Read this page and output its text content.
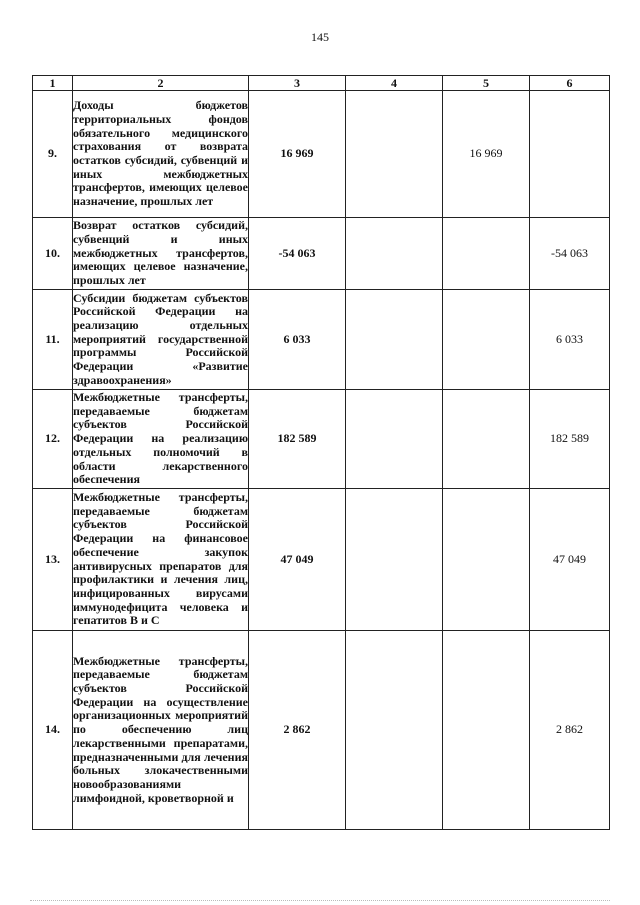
145
1	2	3	4	5	6
9.	Доходы бюджетов территориальных фондов обязательного медицинского страхования от возврата остатков субсидий, субвенций и иных межбюджетных трансфертов, имеющих целевое назначение, прошлых лет	16 969		16 969	
10.	Возврат остатков субсидий, субвенций и иных межбюджетных трансфертов, имеющих целевое назначение, прошлых лет	-54 063			-54 063
11.	Субсидии бюджетам субъектов Российской Федерации на реализацию отдельных мероприятий государственной программы Российской Федерации «Развитие здравоохранения»	6 033			6 033
12.	Межбюджетные трансферты, передаваемые бюджетам субъектов Российской Федерации на реализацию отдельных полномочий в области лекарственного обеспечения	182 589			182 589
13.	Межбюджетные трансферты, передаваемые бюджетам субъектов Российской Федерации на финансовое обеспечение закупок антивирусных препаратов для профилактики и лечения лиц, инфицированных вирусами иммунодефицита человека и гепатитов В и С	47 049			47 049
14.	Межбюджетные трансферты, передаваемые бюджетам субъектов Российской Федерации на осуществление организационных мероприятий по обеспечению лиц лекарственными препаратами, предназначенными для лечения больных злокачественными новообразованиями лимфоидной, кроветворной и	2 862			2 862
